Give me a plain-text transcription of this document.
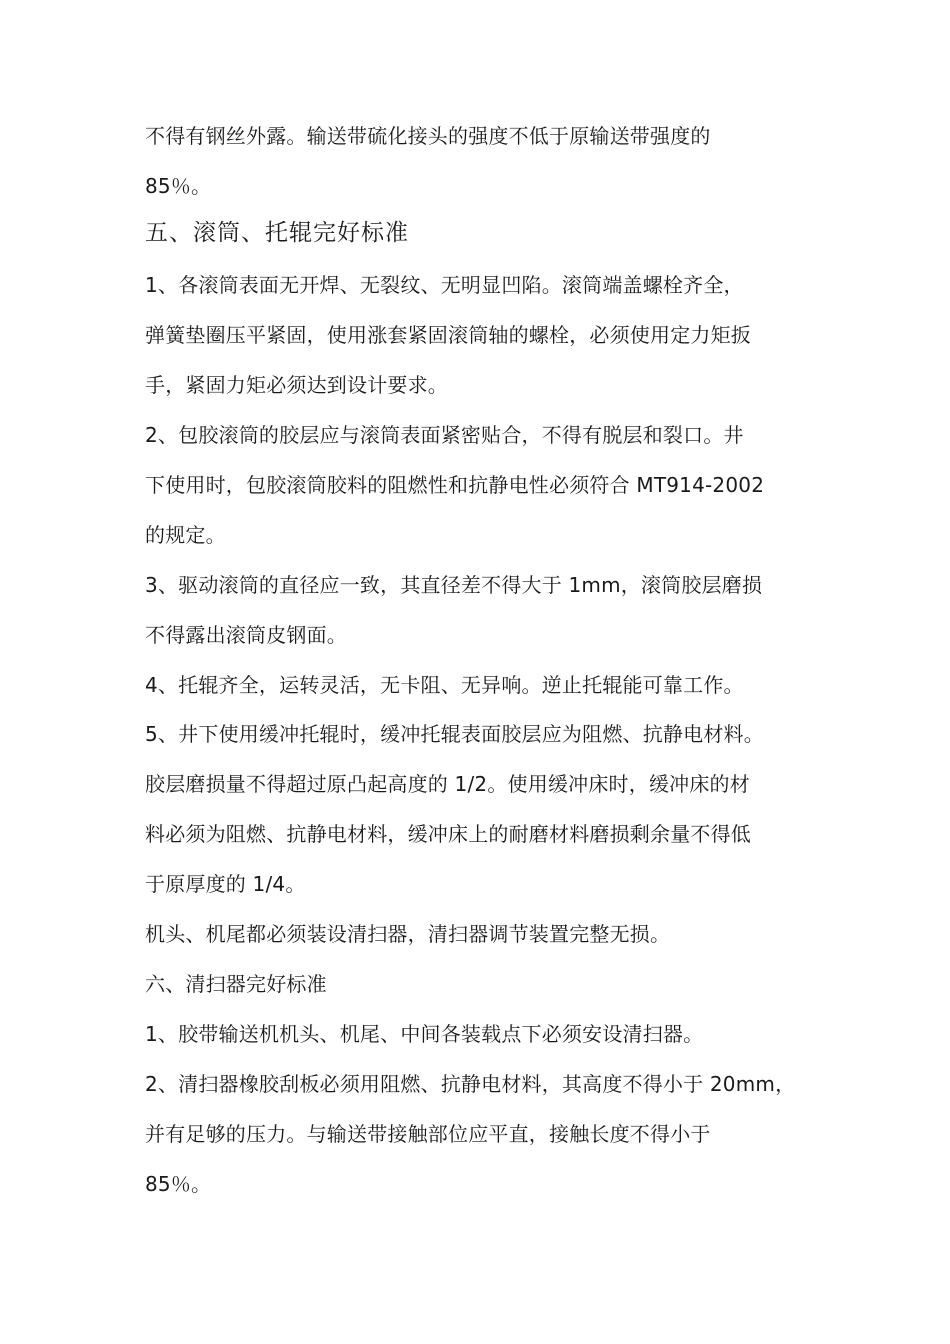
不得有钢丝外露。输送带硫化接头的强度不低于原输送带强度的
85％。
五、滚筒、托辊完好标准
1、各滚筒表面无开焊、无裂纹、无明显凹陷。滚筒端盖螺栓齐全，
弹簧垫圈压平紧固，使用涨套紧固滚筒轴的螺栓，必须使用定力矩扳
手，紧固力矩必须达到设计要求。
2、包胶滚筒的胶层应与滚筒表面紧密贴合，不得有脱层和裂口。井
下使用时，包胶滚筒胶料的阻燃性和抗静电性必须符合 MT914-2002
的规定。
3、驱动滚筒的直径应一致，其直径差不得大于 1mm，滚筒胶层磨损
不得露出滚筒皮钢面。
4、托辊齐全，运转灵活，无卡阻、无异响。逆止托辊能可靠工作。
5、井下使用缓冲托辊时，缓冲托辊表面胶层应为阻燃、抗静电材料。
胶层磨损量不得超过原凸起高度的 1/2。使用缓冲床时，缓冲床的材
料必须为阻燃、抗静电材料，缓冲床上的耐磨材料磨损剩余量不得低
于原厚度的 1/4。
机头、机尾都必须装设清扫器，清扫器调节装置完整无损。
六、清扫器完好标准
1、胶带输送机机头、机尾、中间各装载点下必须安设清扫器。
2、清扫器橡胶刮板必须用阻燃、抗静电材料，其高度不得小于 20mm，
并有足够的压力。与输送带接触部位应平直，接触长度不得小于
85％。
